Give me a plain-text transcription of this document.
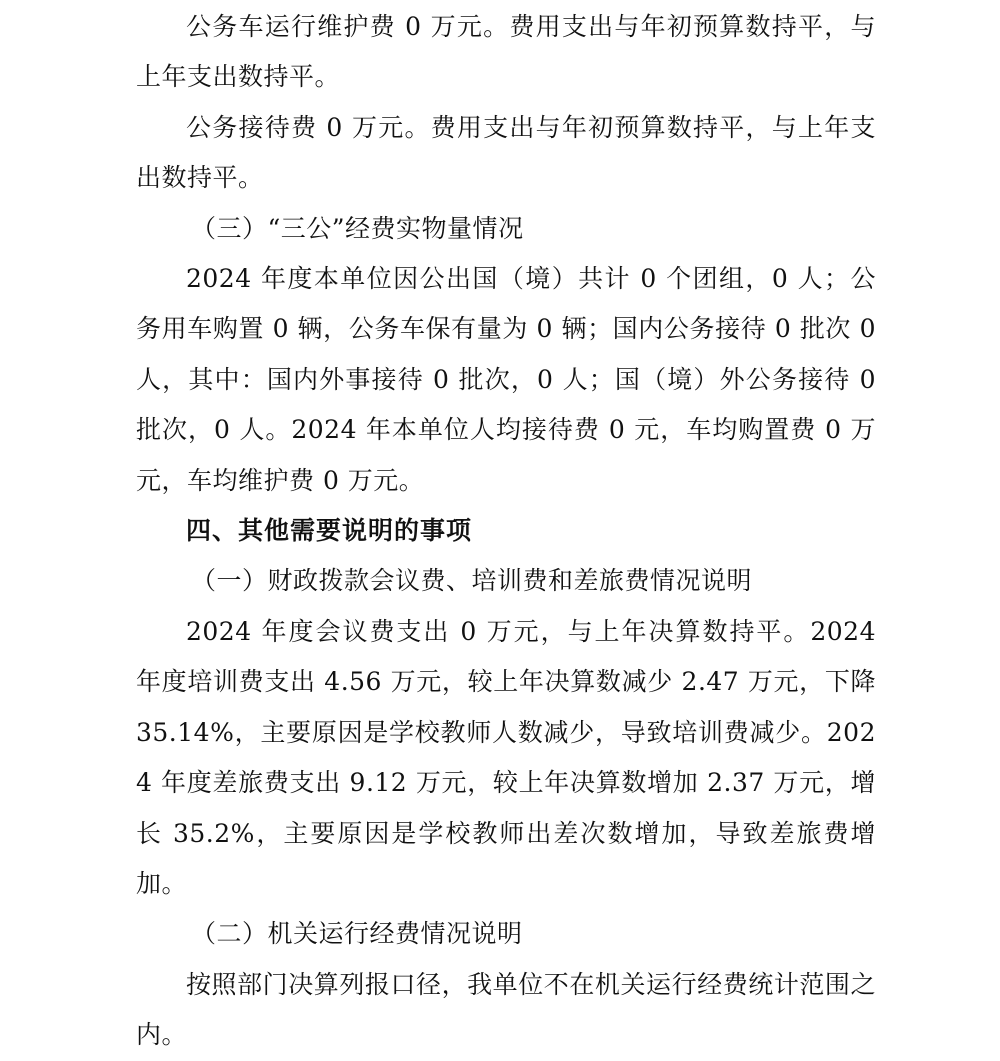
公务车运行维护费 0 万元。费用支出与年初预算数持平，与上年支出数持平。

公务接待费 0 万元。费用支出与年初预算数持平，与上年支出数持平。

（三）“三公”经费实物量情况

2024 年度本单位因公出国（境）共计 0 个团组，0 人；公务用车购置 0 辆，公务车保有量为 0 辆；国内公务接待 0 批次 0 人，其中：国内外事接待 0 批次，0 人；国（境）外公务接待 0 批次，0 人。2024 年本单位人均接待费 0 元，车均购置费 0 万元，车均维护费 0 万元。

四、其他需要说明的事项

（一）财政拨款会议费、培训费和差旅费情况说明

2024 年度会议费支出 0 万元，与上年决算数持平。2024 年度培训费支出 4.56 万元，较上年决算数减少 2.47 万元，下降 35.14%，主要原因是学校教师人数减少，导致培训费减少。2024 年度差旅费支出 9.12 万元，较上年决算数增加 2.37 万元，增长 35.2%，主要原因是学校教师出差次数增加，导致差旅费增加。

（二）机关运行经费情况说明

按照部门决算列报口径，我单位不在机关运行经费统计范围之内。
